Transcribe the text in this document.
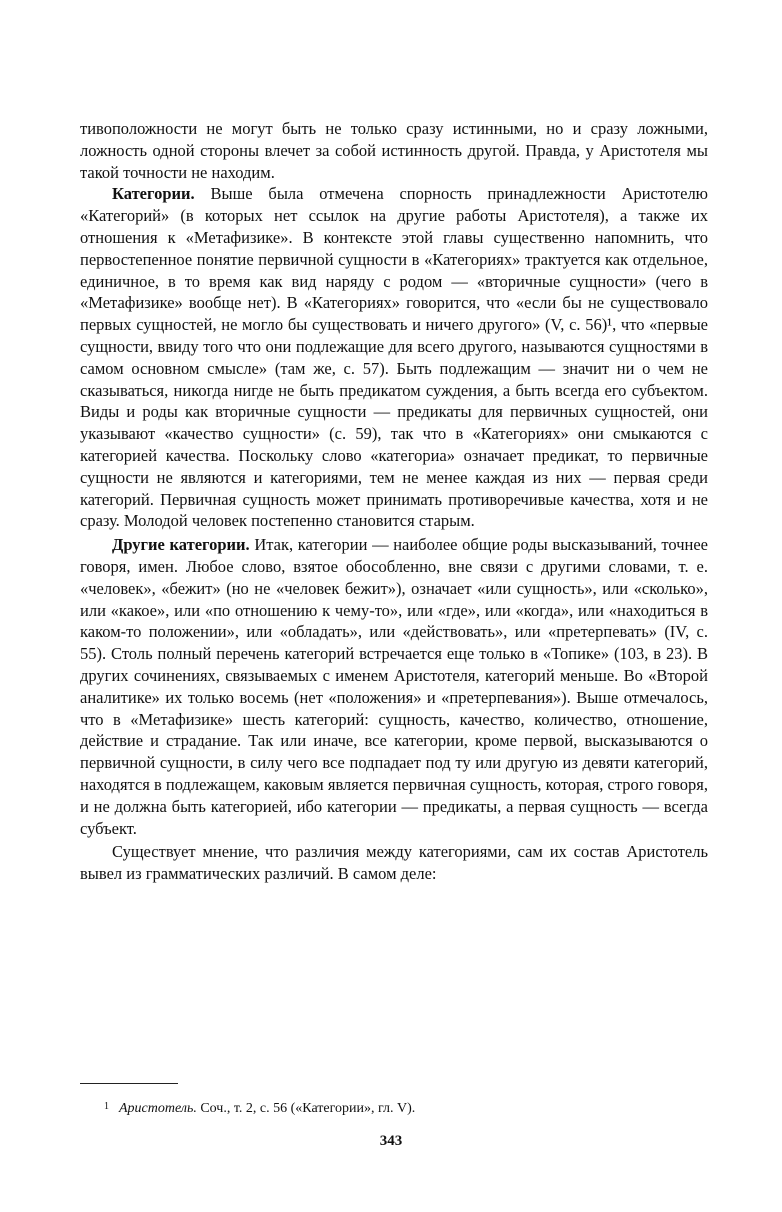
тивоположности не могут быть не только сразу истинными, но и сразу ложными, ложность одной стороны влечет за собой истинность другой. Правда, у Аристотеля мы такой точности не находим.

Категории. Выше была отмечена спорность принадлежности Аристотелю «Категорий» (в которых нет ссылок на другие работы Аристотеля), а также их отношения к «Метафизике». В контексте этой главы существенно напомнить, что первостепенное понятие первичной сущности в «Категориях» трактуется как отдельное, единичное, в то время как вид наряду с родом — «вторичные сущности» (чего в «Метафизике» вообще нет). В «Категориях» говорится, что «если бы не существовало первых сущностей, не могло бы существовать и ничего другого» (V, с. 56)¹, что «первые сущности, ввиду того что они подлежащие для всего другого, называются сущностями в самом основном смысле» (там же, с. 57). Быть подлежащим — значит ни о чем не сказываться, никогда нигде не быть предикатом суждения, а быть всегда его субъектом. Виды и роды как вторичные сущности — предикаты для первичных сущностей, они указывают «качество сущности» (с. 59), так что в «Категориях» они смыкаются с категорией качества. Поскольку слово «категориа» означает предикат, то первичные сущности не являются и категориями, тем не менее каждая из них — первая среди категорий. Первичная сущность может принимать противоречивые качества, хотя и не сразу. Молодой человек постепенно становится старым.

Другие категории. Итак, категории — наиболее общие роды высказываний, точнее говоря, имен. Любое слово, взятое обособленно, вне связи с другими словами, т. е. «человек», «бежит» (но не «человек бежит»), означает «или сущность», или «сколько», или «какое», или «по отношению к чему-то», или «где», или «когда», или «находиться в каком-то положении», или «обладать», или «действовать», или «претерпевать» (IV, с. 55). Столь полный перечень категорий встречается еще только в «Топике» (103, в 23). В других сочинениях, связываемых с именем Аристотеля, категорий меньше. Во «Второй аналитике» их только восемь (нет «положения» и «претерпевания»). Выше отмечалось, что в «Метафизике» шесть категорий: сущность, качество, количество, отношение, действие и страдание. Так или иначе, все категории, кроме первой, высказываются о первичной сущности, в силу чего все подпадает под ту или другую из девяти категорий, находятся в подлежащем, каковым является первичная сущность, которая, строго говоря, и не должна быть категорией, ибо категории — предикаты, а первая сущность — всегда субъект.

Существует мнение, что различия между категориями, сам их состав Аристотель вывел из грамматических различий. В самом деле:

$^1$ Аристотель. Соч., т. 2, с. 56 («Категории», гл. V).

343
